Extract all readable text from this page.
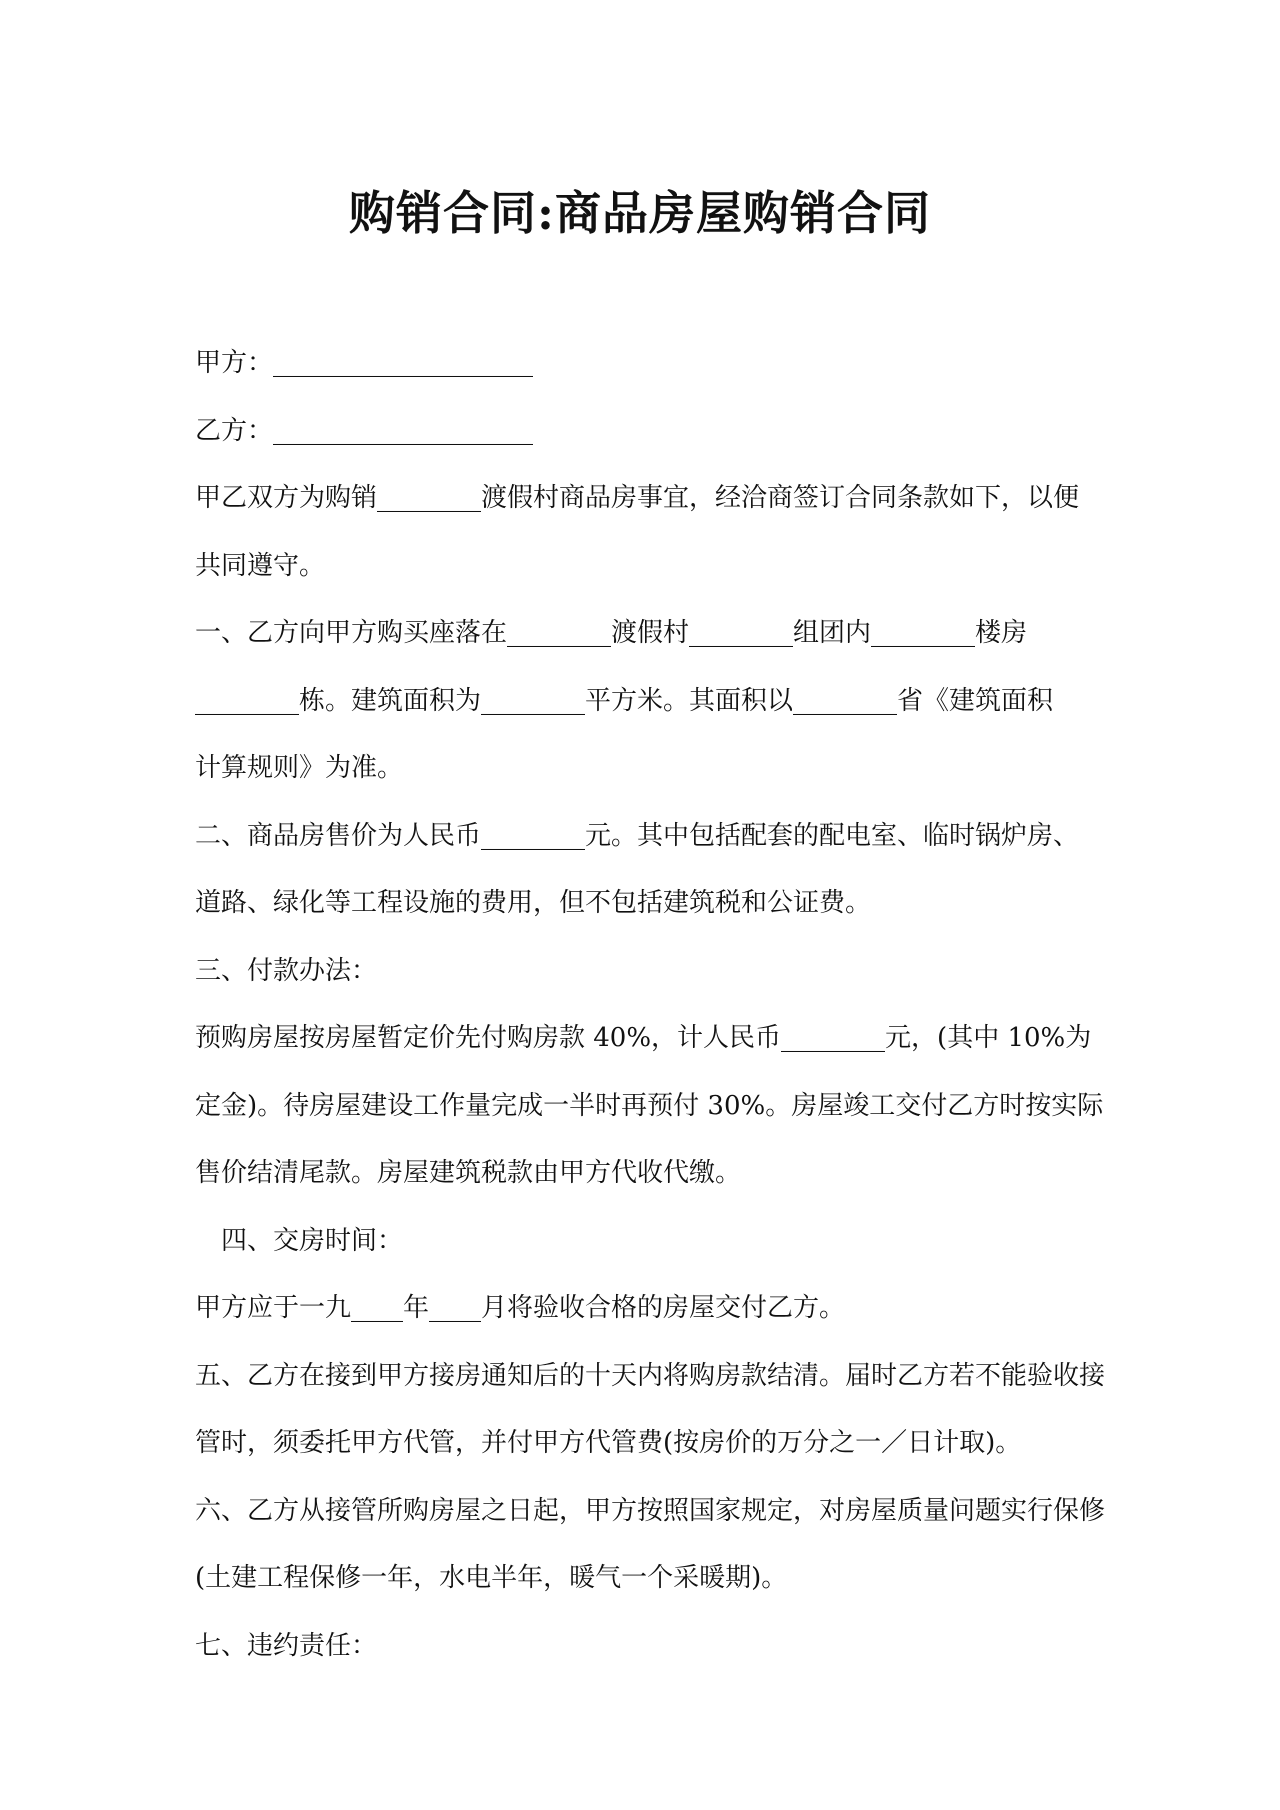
购销合同:商品房屋购销合同

甲方：____________________

乙方：____________________

甲乙双方为购销________渡假村商品房事宜，经洽商签订合同条款如下，以便

共同遵守。

一、乙方向甲方购买座落在________渡假村________组团内________楼房

________栋。建筑面积为________平方米。其面积以________省《建筑面积

计算规则》为准。

二、商品房售价为人民币________元。其中包括配套的配电室、临时锅炉房、

道路、绿化等工程设施的费用，但不包括建筑税和公证费。

三、付款办法：

预购房屋按房屋暂定价先付购房款 40%，计人民币________元，(其中 10%为

定金)。待房屋建设工作量完成一半时再预付 30%。房屋竣工交付乙方时按实际

售价结清尾款。房屋建筑税款由甲方代收代缴。

四、交房时间：

甲方应于一九____年____月将验收合格的房屋交付乙方。

五、乙方在接到甲方接房通知后的十天内将购房款结清。届时乙方若不能验收接

管时，须委托甲方代管，并付甲方代管费(按房价的万分之一／日计取)。

六、乙方从接管所购房屋之日起，甲方按照国家规定，对房屋质量问题实行保修

(土建工程保修一年，水电半年，暖气一个采暖期)。

七、违约责任：
